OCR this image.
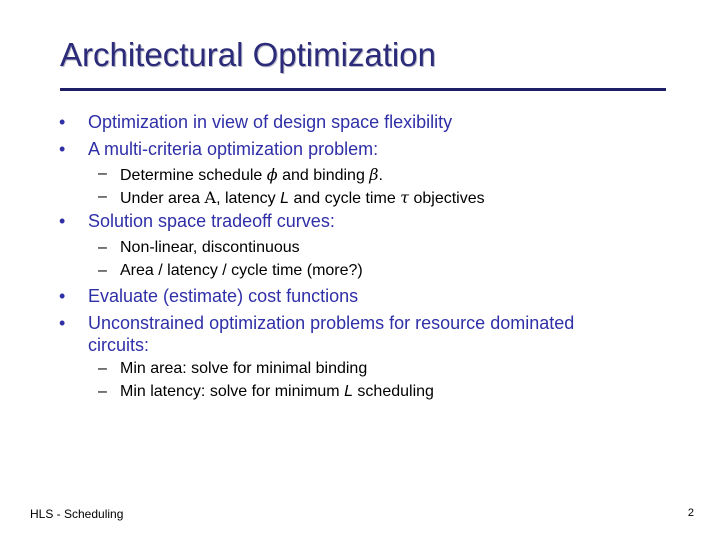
Architectural Optimization
• Optimization in view of design space flexibility
• A multi-criteria optimization problem:
– Determine schedule ϕ and binding β.
– Under area A, latency L and cycle time τ objectives
• Solution space tradeoff curves:
– Non-linear, discontinuous
– Area / latency / cycle time (more?)
• Evaluate (estimate) cost functions
• Unconstrained optimization problems for resource dominated
circuits:
– Min area: solve for minimal binding
– Min latency: solve for minimum L scheduling
HLS - Scheduling	2
